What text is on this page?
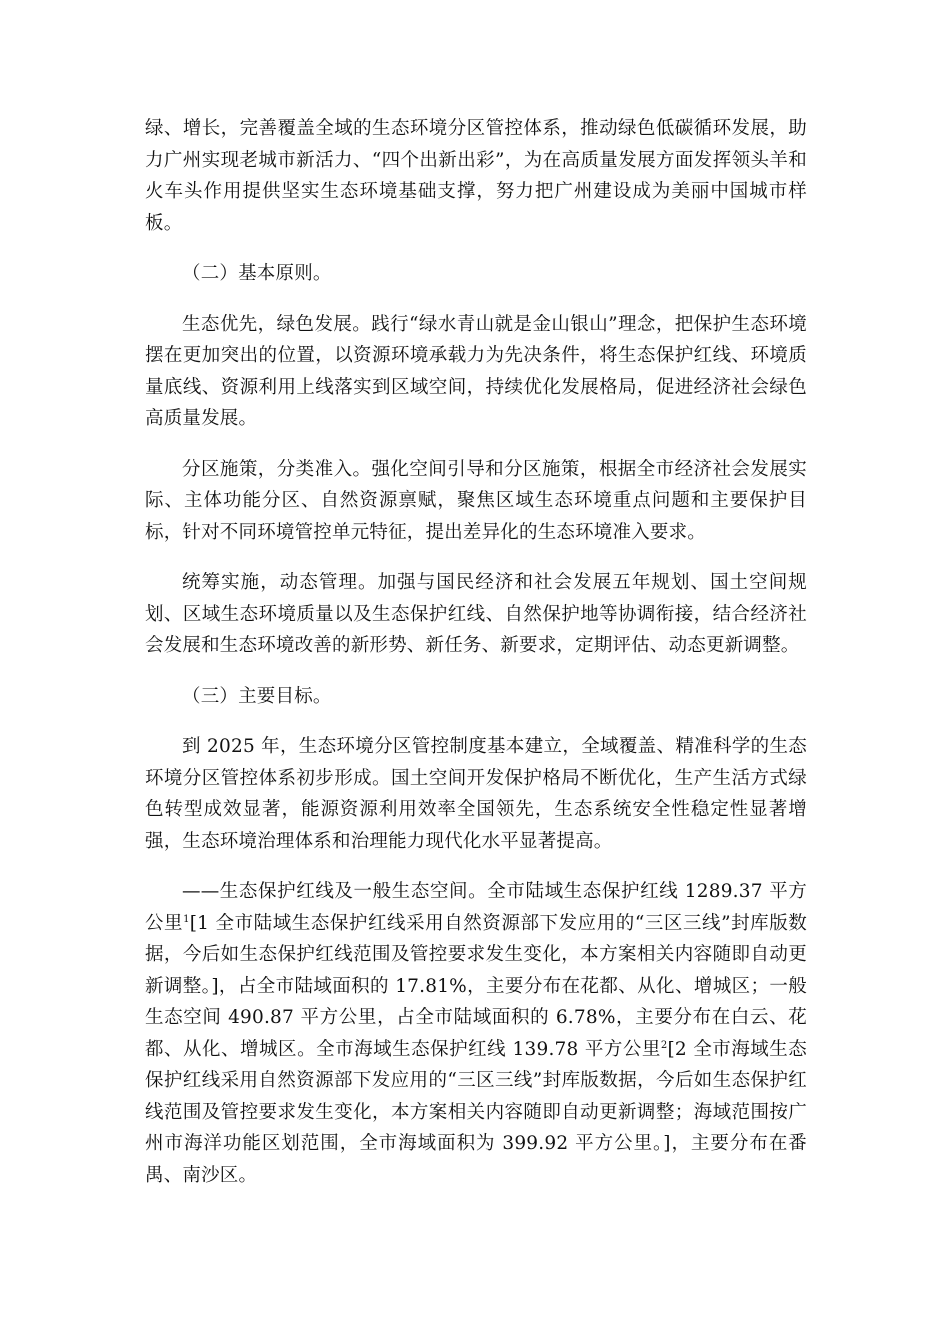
绿、增长，完善覆盖全域的生态环境分区管控体系，推动绿色低碳循环发展，助力广州实现老城市新活力、“四个出新出彩”，为在高质量发展方面发挥领头羊和火车头作用提供坚实生态环境基础支撑，努力把广州建设成为美丽中国城市样板。

（二）基本原则。

生态优先，绿色发展。践行“绿水青山就是金山银山”理念，把保护生态环境摆在更加突出的位置，以资源环境承载力为先决条件，将生态保护红线、环境质量底线、资源利用上线落实到区域空间，持续优化发展格局，促进经济社会绿色高质量发展。

分区施策，分类准入。强化空间引导和分区施策，根据全市经济社会发展实际、主体功能分区、自然资源禀赋，聚焦区域生态环境重点问题和主要保护目标，针对不同环境管控单元特征，提出差异化的生态环境准入要求。

统筹实施，动态管理。加强与国民经济和社会发展五年规划、国土空间规划、区域生态环境质量以及生态保护红线、自然保护地等协调衔接，结合经济社会发展和生态环境改善的新形势、新任务、新要求，定期评估、动态更新调整。

（三）主要目标。

到 2025 年，生态环境分区管控制度基本建立，全域覆盖、精准科学的生态环境分区管控体系初步形成。国土空间开发保护格局不断优化，生产生活方式绿色转型成效显著，能源资源利用效率全国领先，生态系统安全性稳定性显著增强，生态环境治理体系和治理能力现代化水平显著提高。

——生态保护红线及一般生态空间。全市陆域生态保护红线 1289.37 平方公里$^1$[1 全市陆域生态保护红线采用自然资源部下发应用的“三区三线”封库版数据，今后如生态保护红线范围及管控要求发生变化，本方案相关内容随即自动更新调整。]，占全市陆域面积的 17.81%，主要分布在花都、从化、增城区；一般生态空间 490.87 平方公里，占全市陆域面积的 6.78%，主要分布在白云、花都、从化、增城区。全市海域生态保护红线 139.78 平方公里$^2$[2 全市海域生态保护红线采用自然资源部下发应用的“三区三线”封库版数据，今后如生态保护红线范围及管控要求发生变化，本方案相关内容随即自动更新调整；海域范围按广州市海洋功能区划范围，全市海域面积为 399.92 平方公里。]，主要分布在番禺、南沙区。
